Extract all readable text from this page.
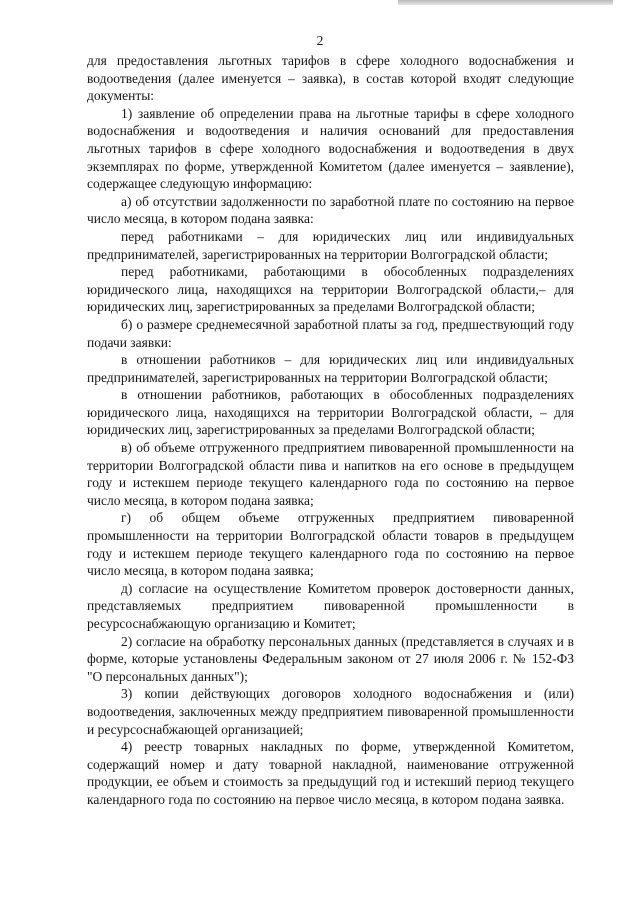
2

для предоставления льготных тарифов в сфере холодного водоснабжения и водоотведения (далее именуется – заявка), в состав которой входят следующие документы:

1) заявление об определении права на льготные тарифы в сфере холодного водоснабжения и водоотведения и наличия оснований для предоставления льготных тарифов в сфере холодного водоснабжения и водоотведения в двух экземплярах по форме, утвержденной Комитетом (далее именуется – заявление), содержащее следующую информацию:

а) об отсутствии задолженности по заработной плате по состоянию на первое число месяца, в котором подана заявка:

перед работниками – для юридических лиц или индивидуальных предпринимателей, зарегистрированных на территории Волгоградской области;

перед работниками, работающими в обособленных подразделениях юридического лица, находящихся на территории Волгоградской области,– для юридических лиц, зарегистрированных за пределами Волгоградской области;

б) о размере среднемесячной заработной платы за год, предшествующий году подачи заявки:

в отношении работников – для юридических лиц или индивидуальных предпринимателей, зарегистрированных на территории Волгоградской области;

в отношении работников, работающих в обособленных подразделениях юридического лица, находящихся на территории Волгоградской области, – для юридических лиц, зарегистрированных за пределами Волгоградской области;

в) об объеме отгруженного предприятием пивоваренной промышленности на территории Волгоградской области пива и напитков на его основе в предыдущем году и истекшем периоде текущего календарного года по состоянию на первое число месяца, в котором подана заявка;

г) об общем объеме отгруженных предприятием пивоваренной промышленности на территории Волгоградской области товаров в предыдущем году и истекшем периоде текущего календарного года по состоянию на первое число месяца, в котором подана заявка;

д) согласие на осуществление Комитетом проверок достоверности данных, представляемых предприятием пивоваренной промышленности в ресурсоснабжающую организацию и Комитет;

2) согласие на обработку персональных данных (представляется в случаях и в форме, которые установлены Федеральным законом от 27 июля 2006 г. № 152-ФЗ "О персональных данных");

3) копии действующих договоров холодного водоснабжения и (или) водоотведения, заключенных между предприятием пивоваренной промышленности и ресурсоснабжающей организацией;

4) реестр товарных накладных по форме, утвержденной Комитетом, содержащий номер и дату товарной накладной, наименование отгруженной продукции, ее объем и стоимость за предыдущий год и истекший период текущего календарного года по состоянию на первое число месяца, в котором подана заявка.
